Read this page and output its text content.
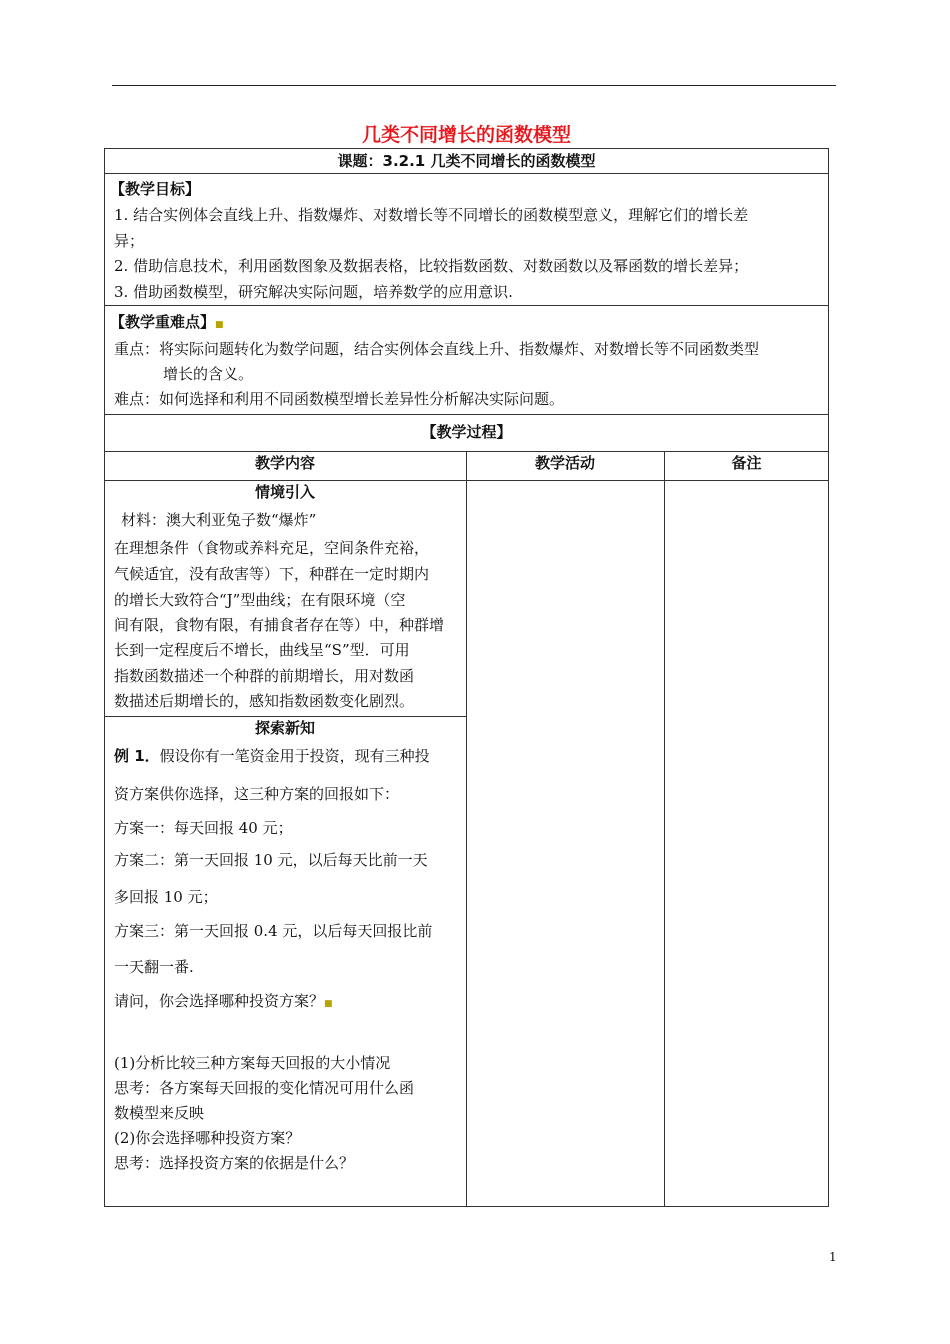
几类不同增长的函数模型
课题：3.2.1 几类不同增长的函数模型
【教学目标】
1. 结合实例体会直线上升、指数爆炸、对数增长等不同增长的函数模型意义，理解它们的增长差
异；
2. 借助信息技术，利用函数图象及数据表格，比较指数函数、对数函数以及幂函数的增长差异；
3. 借助函数模型，研究解决实际问题，培养数学的应用意识.
【教学重难点】■
重点：将实际问题转化为数学问题，结合实例体会直线上升、指数爆炸、对数增长等不同函数类型
增长的含义。
难点：如何选择和利用不同函数模型增长差异性分析解决实际问题。
【教学过程】
教学内容	教学活动	备注
情境引入
材料：澳大利亚兔子数“爆炸”
在理想条件（食物或养料充足，空间条件充裕，
气候适宜，没有敌害等）下，种群在一定时期内
的增长大致符合“J”型曲线；在有限环境（空
间有限，食物有限，有捕食者存在等）中，种群增
长到一定程度后不增长，曲线呈“S”型．可用
指数函数描述一个种群的前期增长，用对数函
数描述后期增长的，感知指数函数变化剧烈。
探索新知
例 1．假设你有一笔资金用于投资，现有三种投
资方案供你选择，这三种方案的回报如下：
方案一：每天回报 40 元；
方案二：第一天回报 10 元，以后每天比前一天
多回报 10 元；
方案三：第一天回报 0.4 元，以后每天回报比前
一天翻一番.
请问，你会选择哪种投资方案？■
(1)分析比较三种方案每天回报的大小情况
思考：各方案每天回报的变化情况可用什么函
数模型来反映
(2)你会选择哪种投资方案？
思考：选择投资方案的依据是什么？
1
